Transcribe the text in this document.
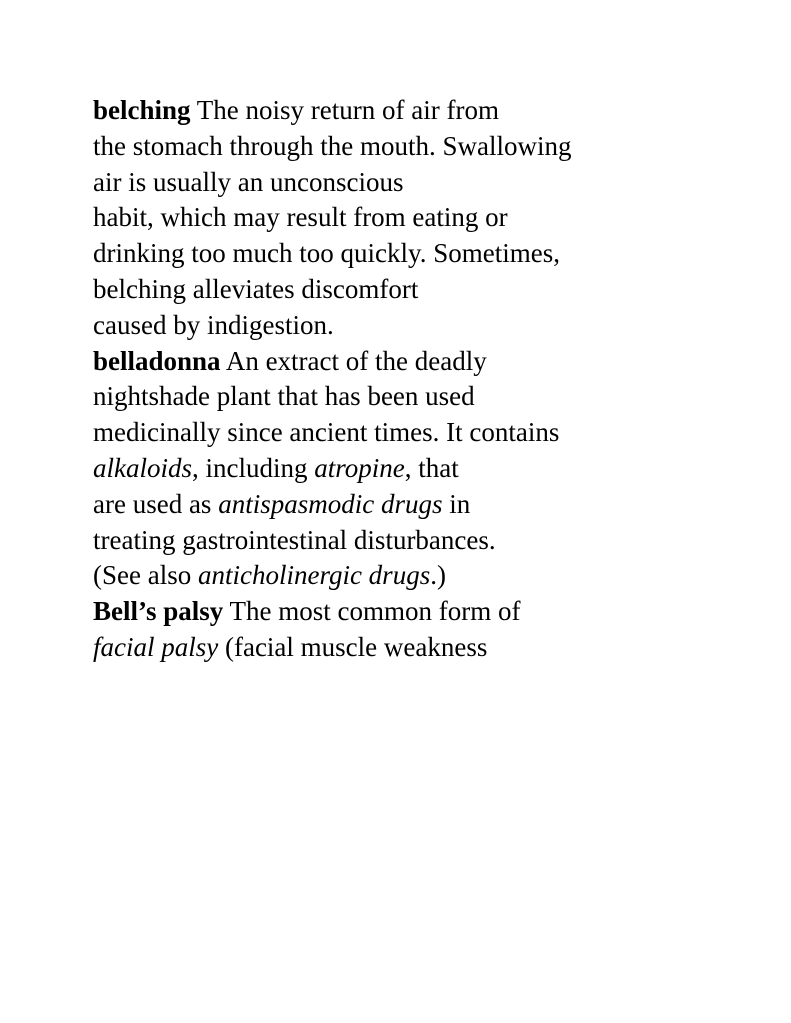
belching The noisy return of air from
the stomach through the mouth. Swallowing
air is usually an unconscious
habit, which may result from eating or
drinking too much too quickly. Sometimes,
belching alleviates discomfort
caused by indigestion.
belladonna An extract of the deadly
nightshade plant that has been used
medicinally since ancient times. It contains
alkaloids, including atropine, that
are used as antispasmodic drugs in
treating gastrointestinal disturbances.
(See also anticholinergic drugs.)
Bell’s palsy The most common form of
facial palsy (facial muscle weakness
